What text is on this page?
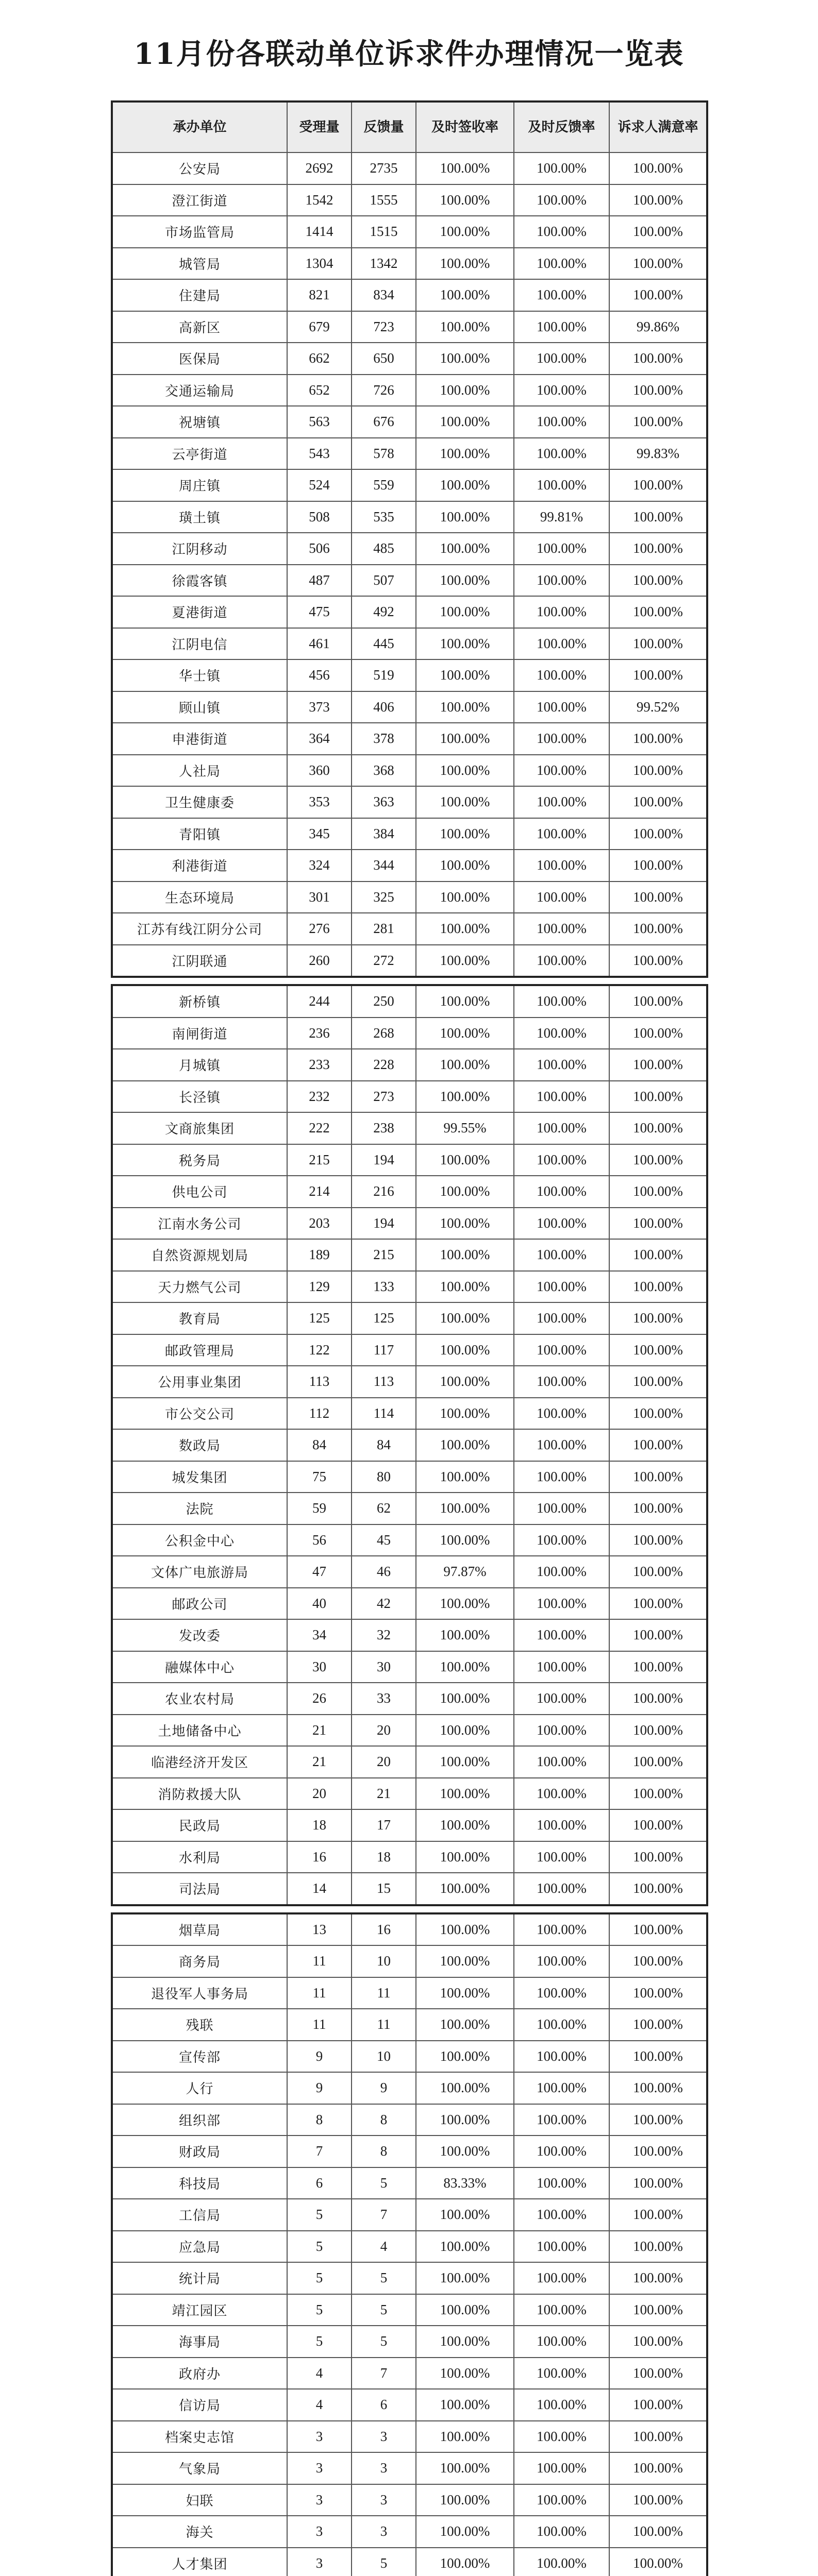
11月份各联动单位诉求件办理情况一览表
承办单位	受理量	反馈量	及时签收率	及时反馈率	诉求人满意率
公安局	2692	2735	100.00%	100.00%	100.00%
澄江街道	1542	1555	100.00%	100.00%	100.00%
市场监管局	1414	1515	100.00%	100.00%	100.00%
城管局	1304	1342	100.00%	100.00%	100.00%
住建局	821	834	100.00%	100.00%	100.00%
高新区	679	723	100.00%	100.00%	99.86%
医保局	662	650	100.00%	100.00%	100.00%
交通运输局	652	726	100.00%	100.00%	100.00%
祝塘镇	563	676	100.00%	100.00%	100.00%
云亭街道	543	578	100.00%	100.00%	99.83%
周庄镇	524	559	100.00%	100.00%	100.00%
璜土镇	508	535	100.00%	99.81%	100.00%
江阴移动	506	485	100.00%	100.00%	100.00%
徐霞客镇	487	507	100.00%	100.00%	100.00%
夏港街道	475	492	100.00%	100.00%	100.00%
江阴电信	461	445	100.00%	100.00%	100.00%
华士镇	456	519	100.00%	100.00%	100.00%
顾山镇	373	406	100.00%	100.00%	99.52%
申港街道	364	378	100.00%	100.00%	100.00%
人社局	360	368	100.00%	100.00%	100.00%
卫生健康委	353	363	100.00%	100.00%	100.00%
青阳镇	345	384	100.00%	100.00%	100.00%
利港街道	324	344	100.00%	100.00%	100.00%
生态环境局	301	325	100.00%	100.00%	100.00%
江苏有线江阴分公司	276	281	100.00%	100.00%	100.00%
江阴联通	260	272	100.00%	100.00%	100.00%
新桥镇	244	250	100.00%	100.00%	100.00%
南闸街道	236	268	100.00%	100.00%	100.00%
月城镇	233	228	100.00%	100.00%	100.00%
长泾镇	232	273	100.00%	100.00%	100.00%
文商旅集团	222	238	99.55%	100.00%	100.00%
税务局	215	194	100.00%	100.00%	100.00%
供电公司	214	216	100.00%	100.00%	100.00%
江南水务公司	203	194	100.00%	100.00%	100.00%
自然资源规划局	189	215	100.00%	100.00%	100.00%
天力燃气公司	129	133	100.00%	100.00%	100.00%
教育局	125	125	100.00%	100.00%	100.00%
邮政管理局	122	117	100.00%	100.00%	100.00%
公用事业集团	113	113	100.00%	100.00%	100.00%
市公交公司	112	114	100.00%	100.00%	100.00%
数政局	84	84	100.00%	100.00%	100.00%
城发集团	75	80	100.00%	100.00%	100.00%
法院	59	62	100.00%	100.00%	100.00%
公积金中心	56	45	100.00%	100.00%	100.00%
文体广电旅游局	47	46	97.87%	100.00%	100.00%
邮政公司	40	42	100.00%	100.00%	100.00%
发改委	34	32	100.00%	100.00%	100.00%
融媒体中心	30	30	100.00%	100.00%	100.00%
农业农村局	26	33	100.00%	100.00%	100.00%
土地储备中心	21	20	100.00%	100.00%	100.00%
临港经济开发区	21	20	100.00%	100.00%	100.00%
消防救援大队	20	21	100.00%	100.00%	100.00%
民政局	18	17	100.00%	100.00%	100.00%
水利局	16	18	100.00%	100.00%	100.00%
司法局	14	15	100.00%	100.00%	100.00%
烟草局	13	16	100.00%	100.00%	100.00%
商务局	11	10	100.00%	100.00%	100.00%
退役军人事务局	11	11	100.00%	100.00%	100.00%
残联	11	11	100.00%	100.00%	100.00%
宣传部	9	10	100.00%	100.00%	100.00%
人行	9	9	100.00%	100.00%	100.00%
组织部	8	8	100.00%	100.00%	100.00%
财政局	7	8	100.00%	100.00%	100.00%
科技局	6	5	83.33%	100.00%	100.00%
工信局	5	7	100.00%	100.00%	100.00%
应急局	5	4	100.00%	100.00%	100.00%
统计局	5	5	100.00%	100.00%	100.00%
靖江园区	5	5	100.00%	100.00%	100.00%
海事局	5	5	100.00%	100.00%	100.00%
政府办	4	7	100.00%	100.00%	100.00%
信访局	4	6	100.00%	100.00%	100.00%
档案史志馆	3	3	100.00%	100.00%	100.00%
气象局	3	3	100.00%	100.00%	100.00%
妇联	3	3	100.00%	100.00%	100.00%
海关	3	3	100.00%	100.00%	100.00%
人才集团	3	5	100.00%	100.00%	100.00%
